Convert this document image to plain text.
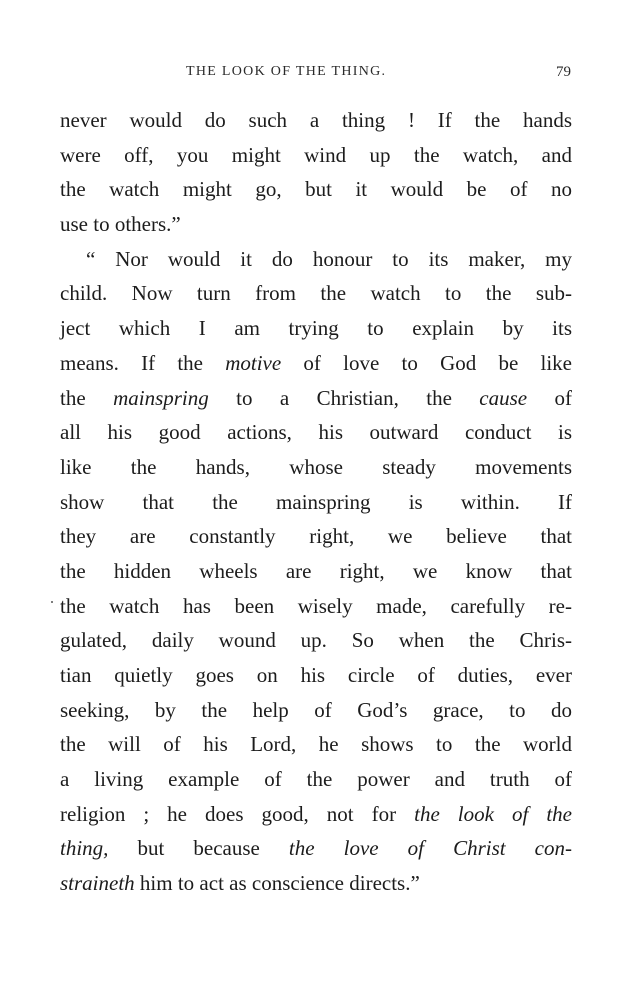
THE LOOK OF THE THING.	79
never would do such a thing ! If the hands
were off, you might wind up the watch, and
the watch might go, but it would be of no
use to others.”
“ Nor would it do honour to its maker, my
child. Now turn from the watch to the sub-
ject which I am trying to explain by its
means. If the motive of love to God be like
the mainspring to a Christian, the cause of
all his good actions, his outward conduct is
like the hands, whose steady movements
show that the mainspring is within. If
they are constantly right, we believe that
the hidden wheels are right, we know that
the watch has been wisely made, carefully re-
gulated, daily wound up. So when the Chris-
tian quietly goes on his circle of duties, ever
seeking, by the help of God’s grace, to do
the will of his Lord, he shows to the world
a living example of the power and truth of
religion ; he does good, not for the look of the
thing, but because the love of Christ con-
straineth him to act as conscience directs.”
